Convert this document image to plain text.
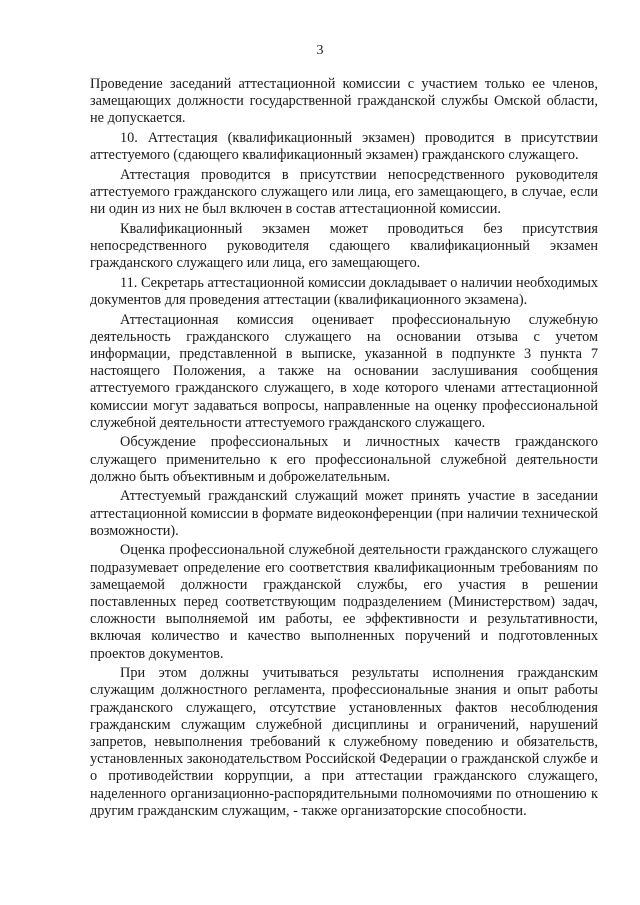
3

Проведение заседаний аттестационной комиссии с участием только ее членов, замещающих должности государственной гражданской службы Омской области, не допускается.

10. Аттестация (квалификационный экзамен) проводится в присутствии аттестуемого (сдающего квалификационный экзамен) гражданского служащего.

Аттестация проводится в присутствии непосредственного руководителя аттестуемого гражданского служащего или лица, его замещающего, в случае, если ни один из них не был включен в состав аттестационной комиссии.

Квалификационный экзамен может проводиться без присутствия непосредственного руководителя сдающего квалификационный экзамен гражданского служащего или лица, его замещающего.

11. Секретарь аттестационной комиссии докладывает о наличии необходимых документов для проведения аттестации (квалификационного экзамена).

Аттестационная комиссия оценивает профессиональную служебную деятельность гражданского служащего на основании отзыва с учетом информации, представленной в выписке, указанной в подпункте 3 пункта 7 настоящего Положения, а также на основании заслушивания сообщения аттестуемого гражданского служащего, в ходе которого членами аттестационной комиссии могут задаваться вопросы, направленные на оценку профессиональной служебной деятельности аттестуемого гражданского служащего.

Обсуждение профессиональных и личностных качеств гражданского служащего применительно к его профессиональной служебной деятельности должно быть объективным и доброжелательным.

Аттестуемый гражданский служащий может принять участие в заседании аттестационной комиссии в формате видеоконференции (при наличии технической возможности).

Оценка профессиональной служебной деятельности гражданского служащего подразумевает определение его соответствия квалификационным требованиям по замещаемой должности гражданской службы, его участия в решении поставленных перед соответствующим подразделением (Министерством) задач, сложности выполняемой им работы, ее эффективности и результативности, включая количество и качество выполненных поручений и подготовленных проектов документов.

При этом должны учитываться результаты исполнения гражданским служащим должностного регламента, профессиональные знания и опыт работы гражданского служащего, отсутствие установленных фактов несоблюдения гражданским служащим служебной дисциплины и ограничений, нарушений запретов, невыполнения требований к служебному поведению и обязательств, установленных законодательством Российской Федерации о гражданской службе и о противодействии коррупции, а при аттестации гражданского служащего, наделенного организационно-распорядительными полномочиями по отношению к другим гражданским служащим, - также организаторские способности.
